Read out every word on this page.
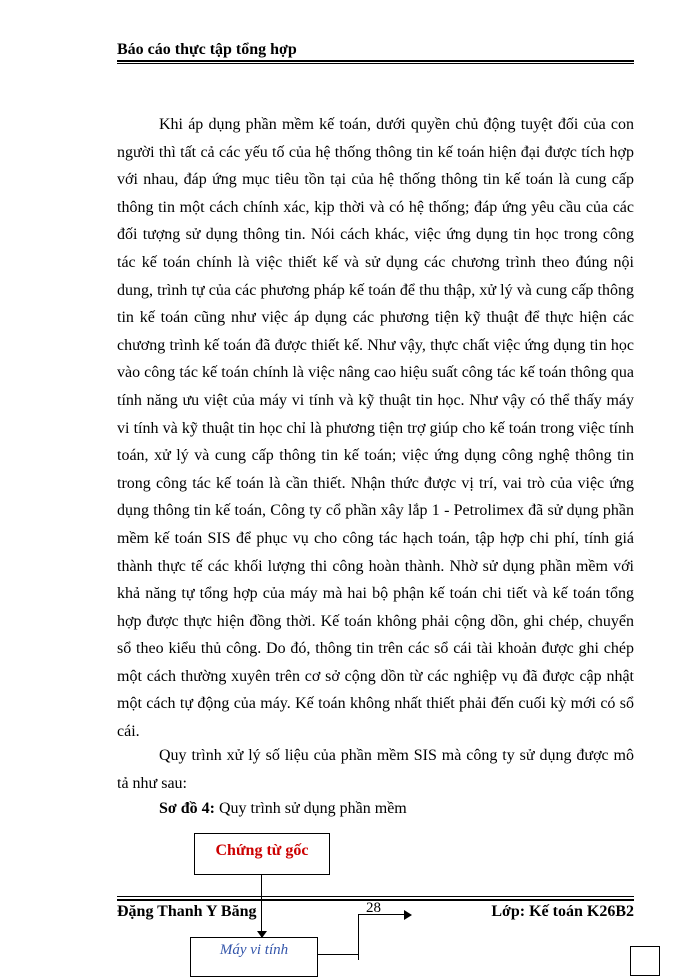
Báo cáo thực tập tổng hợp

Khi áp dụng phần mềm kế toán, dưới quyền chủ động tuyệt đối của con người thì tất cả các yếu tố của hệ thống thông tin kế toán hiện đại được tích hợp với nhau, đáp ứng mục tiêu tồn tại của hệ thống thông tin kế toán là cung cấp thông tin một cách chính xác, kịp thời và có hệ thống; đáp ứng yêu cầu của các đối tượng sử dụng thông tin. Nói cách khác, việc ứng dụng tin học trong công tác kế toán chính là việc thiết kế và sử dụng các chương trình theo đúng nội dung, trình tự của các phương pháp kế toán để thu thập, xử lý và cung cấp thông tin kế toán cũng như việc áp dụng các phương tiện kỹ thuật để thực hiện các chương trình kế toán đã được thiết kế. Như vậy, thực chất việc ứng dụng tin học vào công tác kế toán chính là việc nâng cao hiệu suất công tác kế toán thông qua tính năng ưu việt của máy vi tính và kỹ thuật tin học. Như vậy có thể thấy máy vi tính và kỹ thuật tin học chỉ là phương tiện trợ giúp cho kế toán trong việc tính toán, xử lý và cung cấp thông tin kế toán; việc ứng dụng công nghệ thông tin trong công tác kế toán là cần thiết. Nhận thức được vị trí, vai trò của việc ứng dụng thông tin kế toán, Công ty cổ phần xây lắp 1 - Petrolimex đã sử dụng phần mềm kế toán SIS để phục vụ cho công tác hạch toán, tập hợp chi phí, tính giá thành thực tế các khối lượng thi công hoàn thành. Nhờ sử dụng phần mềm với khả năng tự tổng hợp của máy mà hai bộ phận kế toán chi tiết và kế toán tổng hợp được thực hiện đồng thời. Kế toán không phải cộng dồn, ghi chép, chuyển sổ theo kiểu thủ công. Do đó, thông tin trên các sổ cái tài khoản được ghi chép một cách thường xuyên trên cơ sở cộng dồn từ các nghiệp vụ đã được cập nhật một cách tự động của máy. Kế toán không nhất thiết phải đến cuối kỳ mới có sổ cái.

Quy trình xử lý số liệu của phần mềm SIS mà công ty sử dụng được mô tả như sau:

Sơ đồ 4: Quy trình sử dụng phần mềm
Chứng từ gốc
Máy vi tính
Đặng Thanh Y Băng	28	Lớp: Kế toán K26B2
